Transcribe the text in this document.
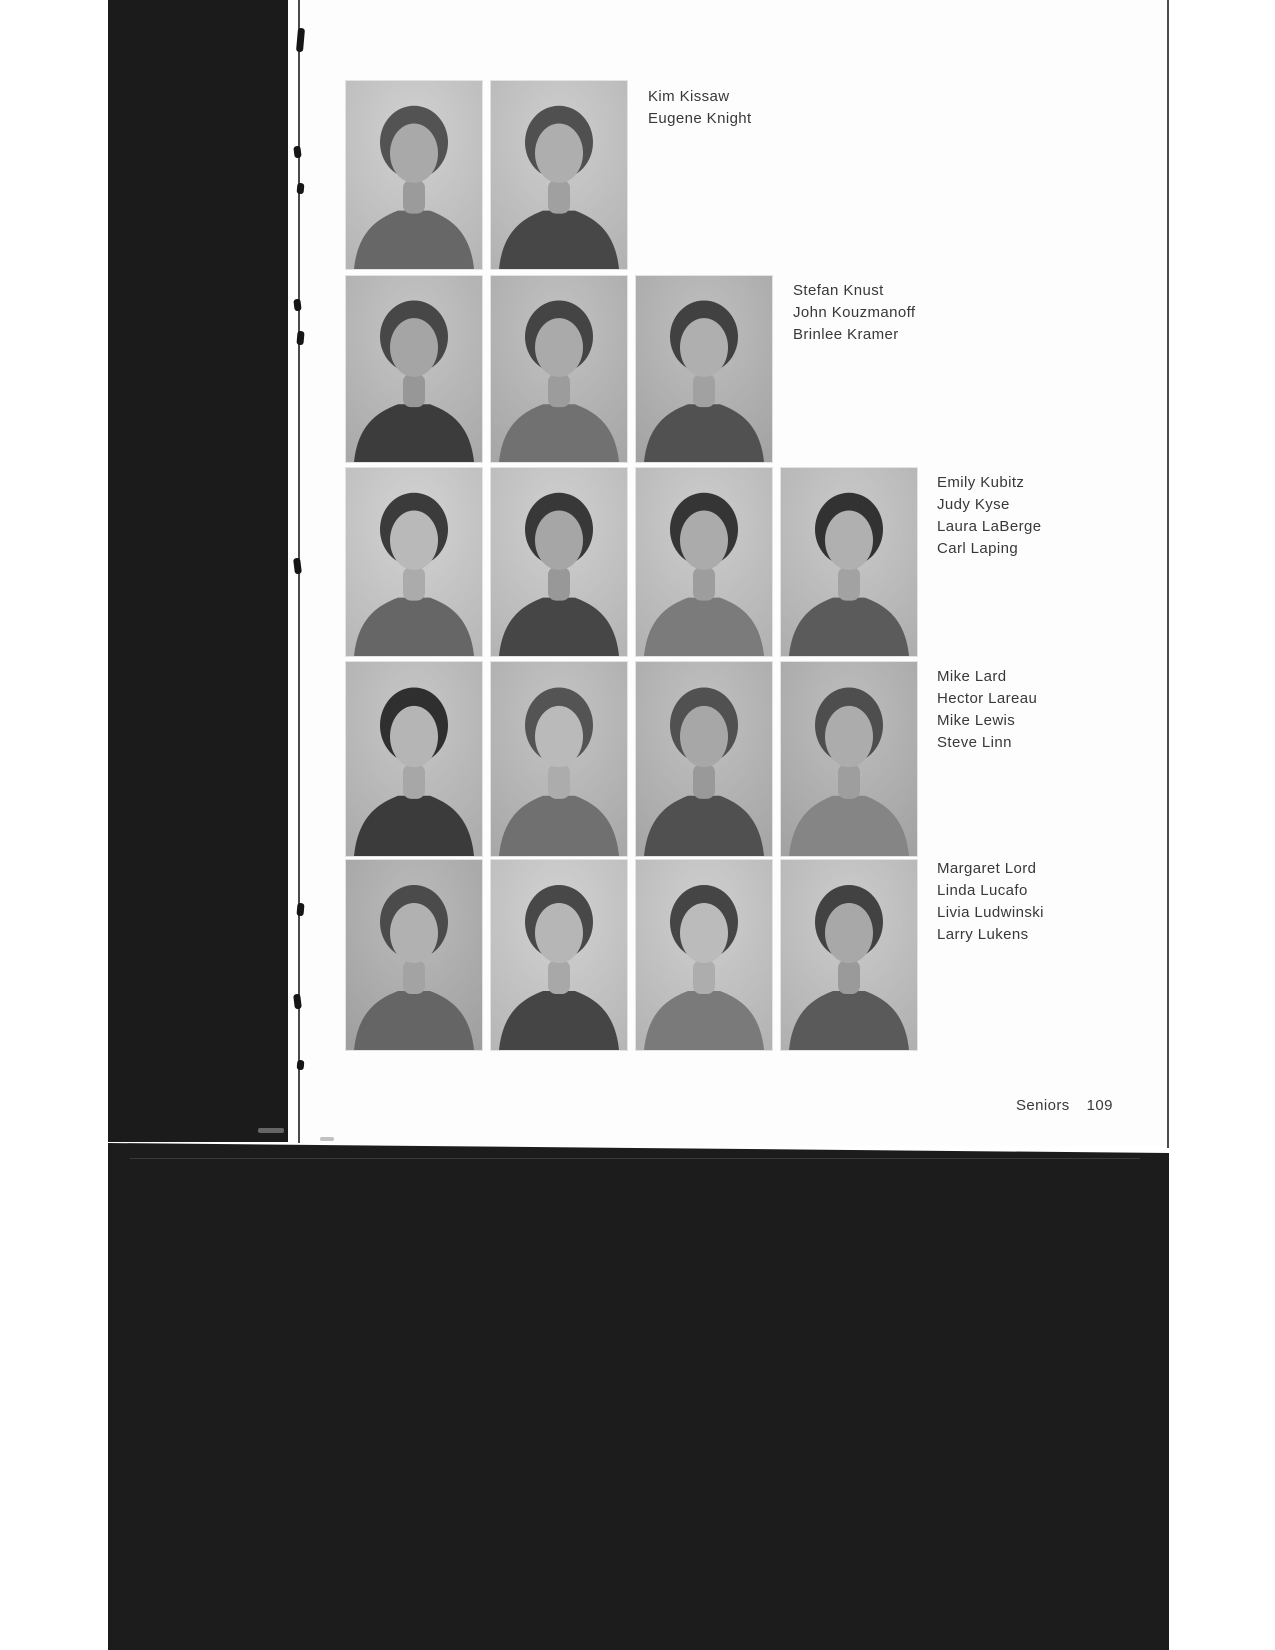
Kim Kissaw
Eugene Knight
Stefan Knust
John Kouzmanoff
Brinlee Kramer
Emily Kubitz
Judy Kyse
Laura LaBerge
Carl Laping
Mike Lard
Hector Lareau
Mike Lewis
Steve Linn
Margaret Lord
Linda Lucafo
Livia Ludwinski
Larry Lukens
Seniors 109
